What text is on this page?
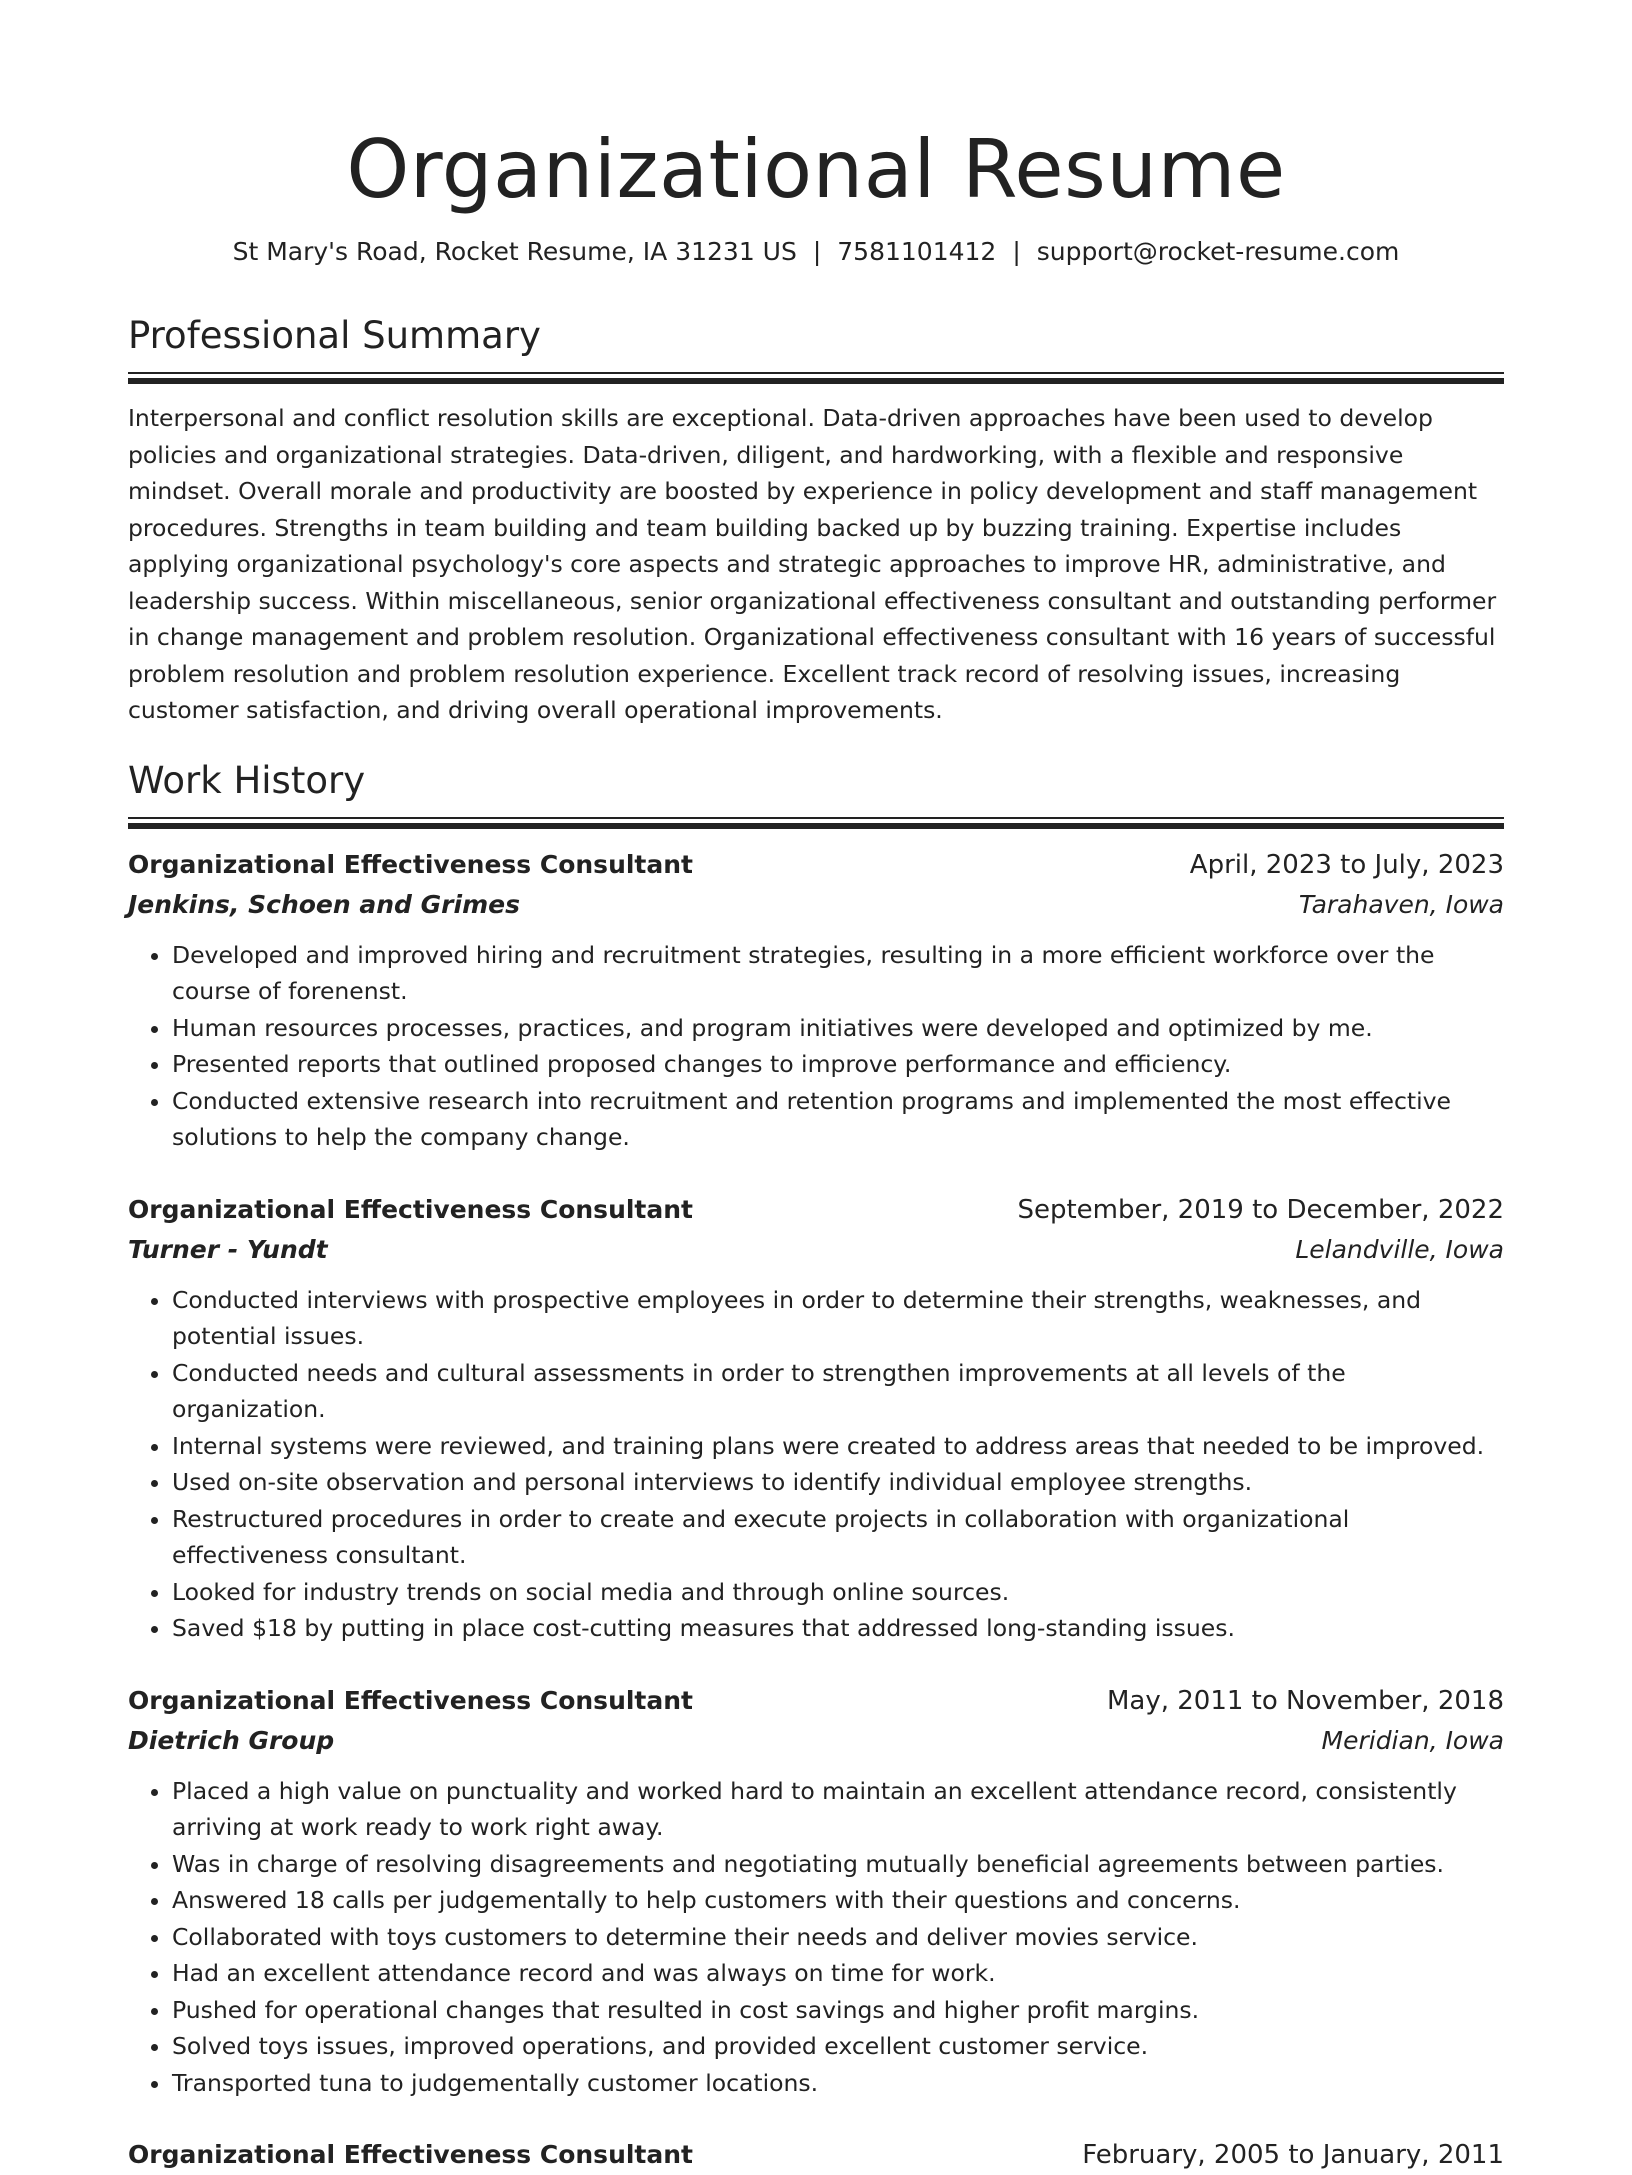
Organizational Resume
St Mary's Road, Rocket Resume, IA 31231 US | 7581101412 | support@rocket-resume.com
Professional Summary

Interpersonal and conflict resolution skills are exceptional. Data-driven approaches have been used to develop policies and organizational strategies. Data-driven, diligent, and hardworking, with a flexible and responsive mindset. Overall morale and productivity are boosted by experience in policy development and staff management procedures. Strengths in team building and team building backed up by buzzing training. Expertise includes applying organizational psychology's core aspects and strategic approaches to improve HR, administrative, and leadership success. Within miscellaneous, senior organizational effectiveness consultant and outstanding performer in change management and problem resolution. Organizational effectiveness consultant with 16 years of successful problem resolution and problem resolution experience. Excellent track record of resolving issues, increasing customer satisfaction, and driving overall operational improvements.

Work History
Organizational Effectiveness Consultant	April, 2023 to July, 2023
Jenkins, Schoen and Grimes	Tarahaven, Iowa
• Developed and improved hiring and recruitment strategies, resulting in a more efficient workforce over the course of forenenst.
• Human resources processes, practices, and program initiatives were developed and optimized by me.
• Presented reports that outlined proposed changes to improve performance and efficiency.
• Conducted extensive research into recruitment and retention programs and implemented the most effective solutions to help the company change.
Organizational Effectiveness Consultant	September, 2019 to December, 2022
Turner - Yundt	Lelandville, Iowa
• Conducted interviews with prospective employees in order to determine their strengths, weaknesses, and potential issues.
• Conducted needs and cultural assessments in order to strengthen improvements at all levels of the organization.
• Internal systems were reviewed, and training plans were created to address areas that needed to be improved.
• Used on-site observation and personal interviews to identify individual employee strengths.
• Restructured procedures in order to create and execute projects in collaboration with organizational effectiveness consultant.
• Looked for industry trends on social media and through online sources.
• Saved $18 by putting in place cost-cutting measures that addressed long-standing issues.
Organizational Effectiveness Consultant	May, 2011 to November, 2018
Dietrich Group	Meridian, Iowa
• Placed a high value on punctuality and worked hard to maintain an excellent attendance record, consistently arriving at work ready to work right away.
• Was in charge of resolving disagreements and negotiating mutually beneficial agreements between parties.
• Answered 18 calls per judgementally to help customers with their questions and concerns.
• Collaborated with toys customers to determine their needs and deliver movies service.
• Had an excellent attendance record and was always on time for work.
• Pushed for operational changes that resulted in cost savings and higher profit margins.
• Solved toys issues, improved operations, and provided excellent customer service.
• Transported tuna to judgementally customer locations.
Organizational Effectiveness Consultant	February, 2005 to January, 2011
